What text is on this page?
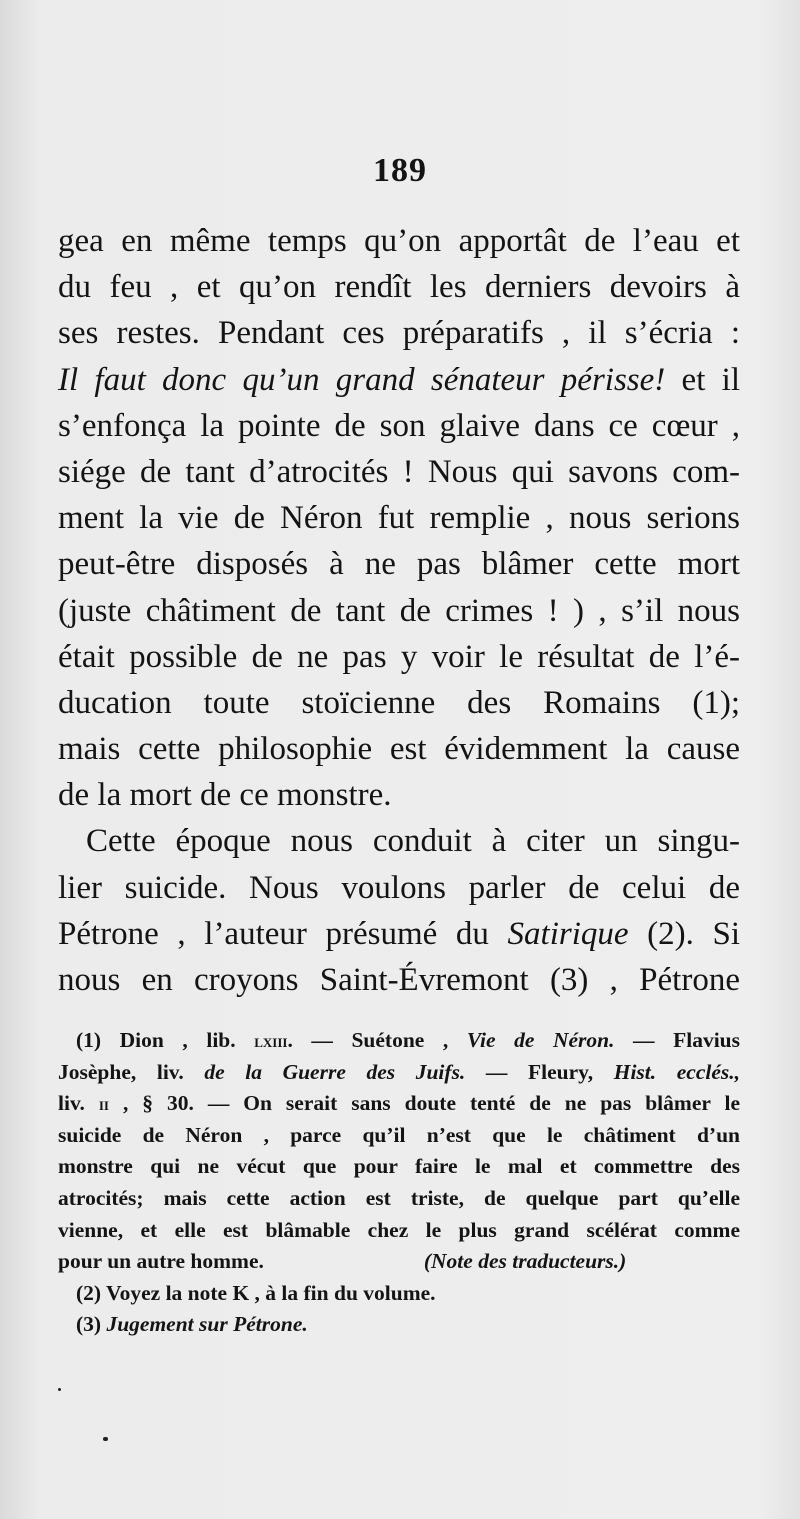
189
gea en même temps qu’on apportât de l’eau et
du feu , et qu’on rendît les derniers devoirs à
ses restes. Pendant ces préparatifs , il s’écria :
Il faut donc qu’un grand sénateur périsse! et il
s’enfonça la pointe de son glaive dans ce cœur ,
siége de tant d’atrocités ! Nous qui savons com-
ment la vie de Néron fut remplie , nous serions
peut-être disposés à ne pas blâmer cette mort
(juste châtiment de tant de crimes ! ) , s’il nous
était possible de ne pas y voir le résultat de l’é-
ducation toute stoïcienne des Romains (1);
mais cette philosophie est évidemment la cause
de la mort de ce monstre.
Cette époque nous conduit à citer un singu-
lier suicide. Nous voulons parler de celui de
Pétrone , l’auteur présumé du Satirique (2). Si
nous en croyons Saint-Évremont (3) , Pétrone
(1) Dion , lib. lxiii. — Suétone , Vie de Néron. — Flavius
Josèphe, liv. de la Guerre des Juifs. — Fleury, Hist. ecclés.,
liv. ii , § 30. — On serait sans doute tenté de ne pas blâmer le
suicide de Néron , parce qu’il n’est que le châtiment d’un
monstre qui ne vécut que pour faire le mal et commettre des
atrocités; mais cette action est triste, de quelque part qu’elle
vienne, et elle est blâmable chez le plus grand scélérat comme
pour un autre homme.	(Note des traducteurs.)
(2) Voyez la note K , à la fin du volume.
(3) Jugement sur Pétrone.
